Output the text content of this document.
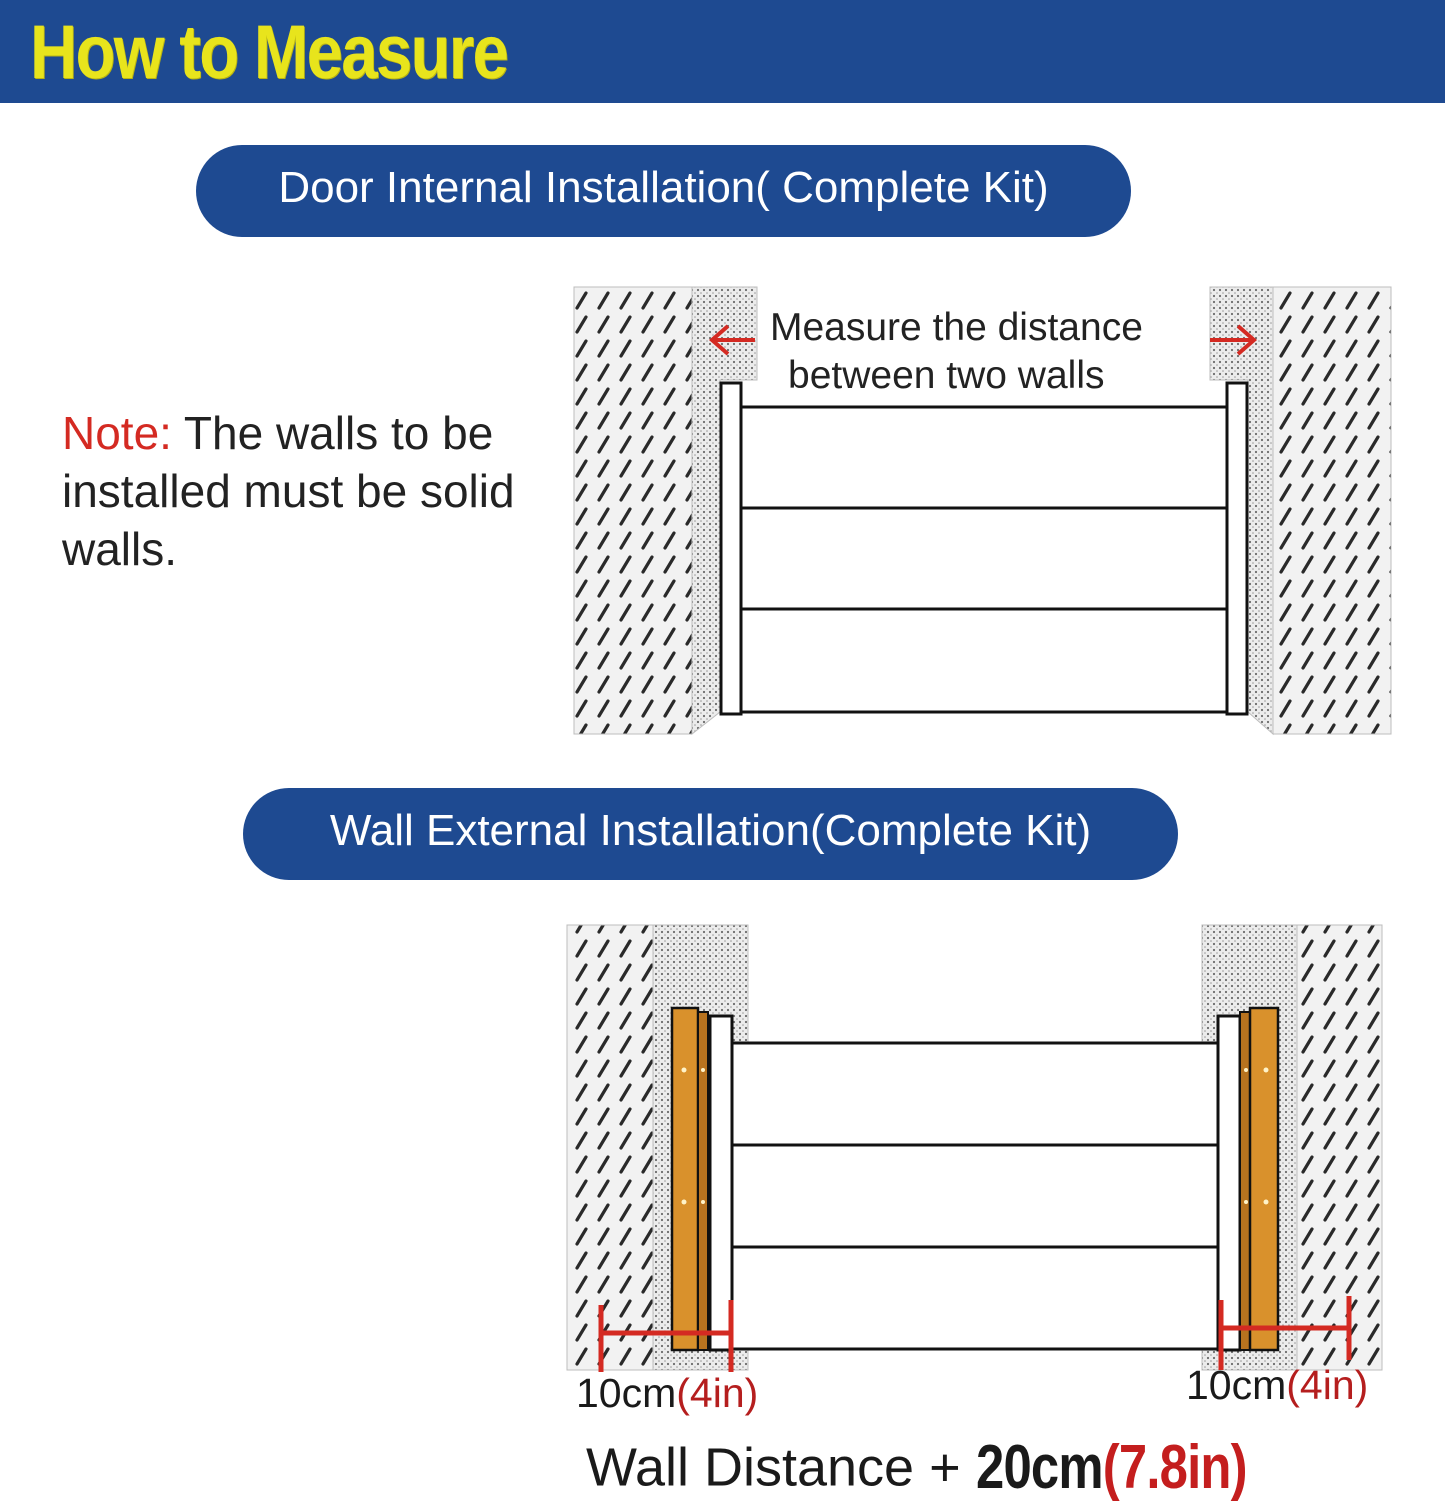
How to Measure
Door Internal Installation( Complete Kit)
Note: The walls to be installed must be solid walls.
Measure the distance
between two walls
Wall External Installation(Complete Kit)
10cm(4in)	10cm(4in)
Wall Distance + 20cm(7.8in)
